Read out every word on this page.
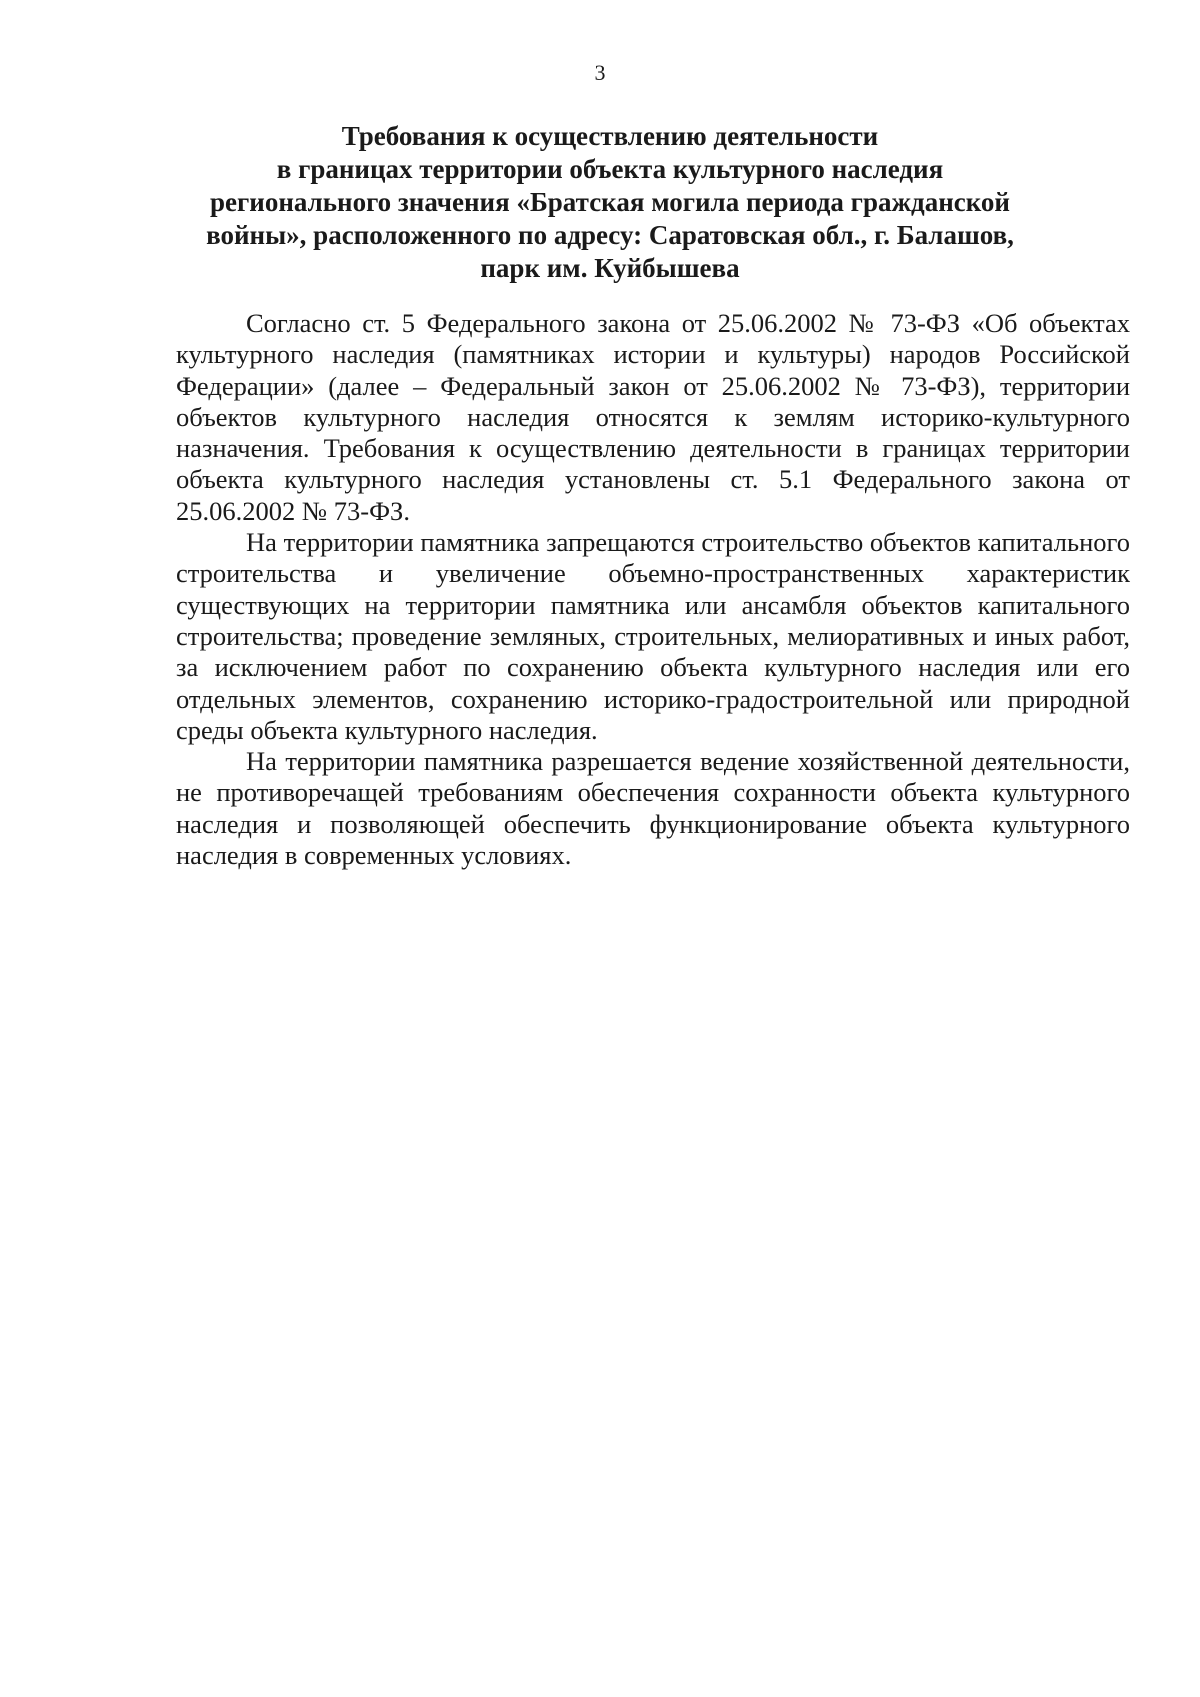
3
Требования к осуществлению деятельности
в границах территории объекта культурного наследия
регионального значения «Братская могила периода гражданской
войны», расположенного по адресу: Саратовская обл., г. Балашов,
парк им. Куйбышева

Согласно ст. 5 Федерального закона от 25.06.2002 № 73-ФЗ «Об объектах культурного наследия (памятниках истории и культуры) народов Российской Федерации» (далее – Федеральный закон от 25.06.2002 № 73-ФЗ), территории объектов культурного наследия относятся к землям историко-культурного назначения. Требования к осуществлению деятельности в границах территории объекта культурного наследия установлены ст. 5.1 Федерального закона от 25.06.2002 № 73-ФЗ.

На территории памятника запрещаются строительство объектов капитального строительства и увеличение объемно-пространственных характеристик существующих на территории памятника или ансамбля объектов капитального строительства; проведение земляных, строительных, мелиоративных и иных работ, за исключением работ по сохранению объекта культурного наследия или его отдельных элементов, сохранению историко-градостроительной или природной среды объекта культурного наследия.

На территории памятника разрешается ведение хозяйственной деятельности, не противоречащей требованиям обеспечения сохранности объекта культурного наследия и позволяющей обеспечить функционирование объекта культурного наследия в современных условиях.
